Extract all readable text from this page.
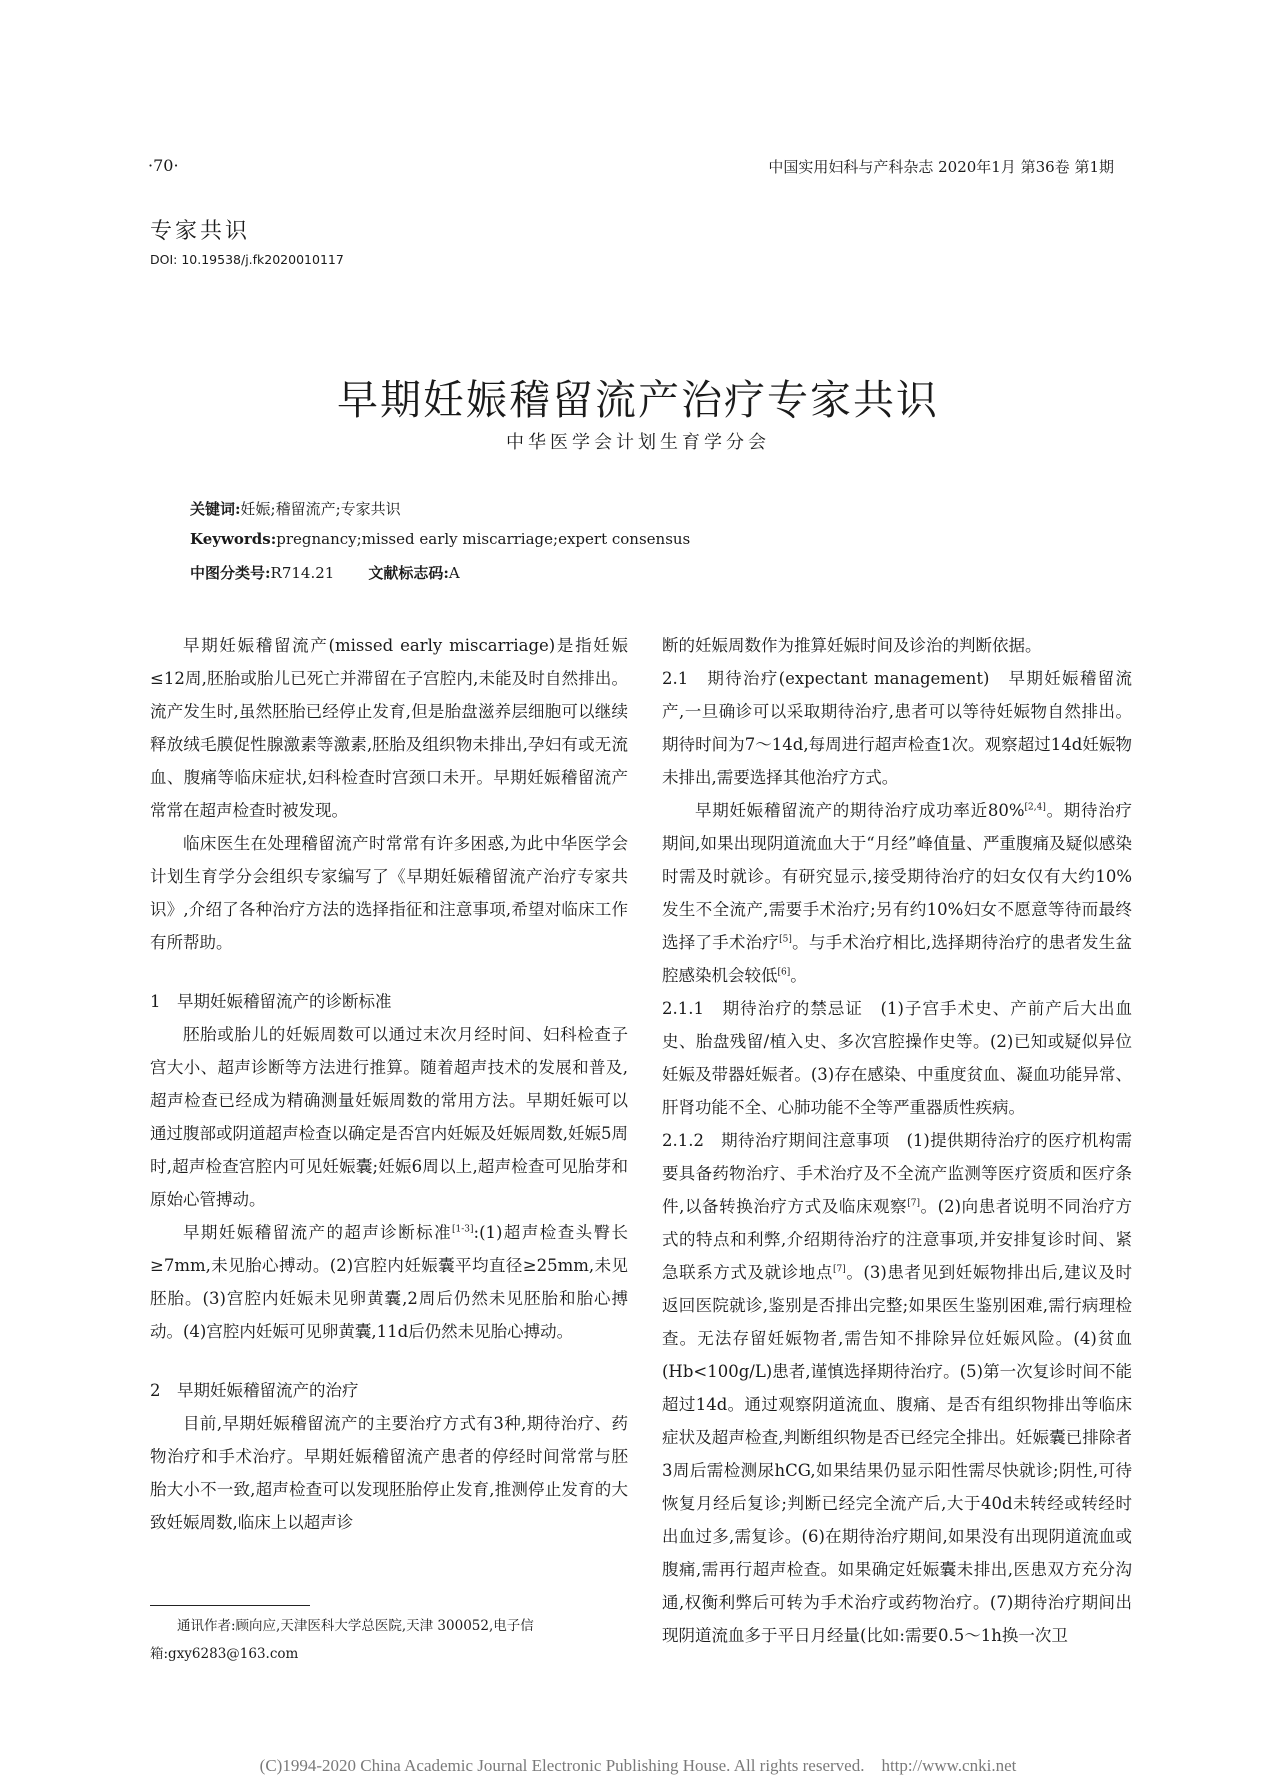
·70·	中国实用妇科与产科杂志 2020年1月 第36卷 第1期
专家共识
DOI: 10.19538/j.fk2020010117
早期妊娠稽留流产治疗专家共识
中华医学会计划生育学分会
关键词:妊娠;稽留流产;专家共识
Keywords:pregnancy;missed early miscarriage;expert consensus
中图分类号:R714.21 文献标志码:A

早期妊娠稽留流产(missed early miscarriage)是指妊娠≤12周,胚胎或胎儿已死亡并滞留在子宫腔内,未能及时自然排出。流产发生时,虽然胚胎已经停止发育,但是胎盘滋养层细胞可以继续释放绒毛膜促性腺激素等激素,胚胎及组织物未排出,孕妇有或无流血、腹痛等临床症状,妇科检查时宫颈口未开。早期妊娠稽留流产常常在超声检查时被发现。

临床医生在处理稽留流产时常常有许多困惑,为此中华医学会计划生育学分会组织专家编写了《早期妊娠稽留流产治疗专家共识》,介绍了各种治疗方法的选择指征和注意事项,希望对临床工作有所帮助。

1　早期妊娠稽留流产的诊断标准

胚胎或胎儿的妊娠周数可以通过末次月经时间、妇科检查子宫大小、超声诊断等方法进行推算。随着超声技术的发展和普及,超声检查已经成为精确测量妊娠周数的常用方法。早期妊娠可以通过腹部或阴道超声检查以确定是否宫内妊娠及妊娠周数,妊娠5周时,超声检查宫腔内可见妊娠囊;妊娠6周以上,超声检查可见胎芽和原始心管搏动。

早期妊娠稽留流产的超声诊断标准[1-3]:(1)超声检查头臀长≥7mm,未见胎心搏动。(2)宫腔内妊娠囊平均直径≥25mm,未见胚胎。(3)宫腔内妊娠未见卵黄囊,2周后仍然未见胚胎和胎心搏动。(4)宫腔内妊娠可见卵黄囊,11d后仍然未见胎心搏动。

2　早期妊娠稽留流产的治疗

目前,早期妊娠稽留流产的主要治疗方式有3种,期待治疗、药物治疗和手术治疗。早期妊娠稽留流产患者的停经时间常常与胚胎大小不一致,超声检查可以发现胚胎停止发育,推测停止发育的大致妊娠周数,临床上以超声诊

通讯作者:顾向应,天津医科大学总医院,天津 300052,电子信箱:gxy6283@163.com

断的妊娠周数作为推算妊娠时间及诊治的判断依据。

2.1　期待治疗(expectant management)　早期妊娠稽留流产,一旦确诊可以采取期待治疗,患者可以等待妊娠物自然排出。期待时间为7～14d,每周进行超声检查1次。观察超过14d妊娠物未排出,需要选择其他治疗方式。

早期妊娠稽留流产的期待治疗成功率近80%[2,4]。期待治疗期间,如果出现阴道流血大于“月经”峰值量、严重腹痛及疑似感染时需及时就诊。有研究显示,接受期待治疗的妇女仅有大约10%发生不全流产,需要手术治疗;另有约10%妇女不愿意等待而最终选择了手术治疗[5]。与手术治疗相比,选择期待治疗的患者发生盆腔感染机会较低[6]。

2.1.1　期待治疗的禁忌证　(1)子宫手术史、产前产后大出血史、胎盘残留/植入史、多次宫腔操作史等。(2)已知或疑似异位妊娠及带器妊娠者。(3)存在感染、中重度贫血、凝血功能异常、肝肾功能不全、心肺功能不全等严重器质性疾病。

2.1.2　期待治疗期间注意事项　(1)提供期待治疗的医疗机构需要具备药物治疗、手术治疗及不全流产监测等医疗资质和医疗条件,以备转换治疗方式及临床观察[7]。(2)向患者说明不同治疗方式的特点和利弊,介绍期待治疗的注意事项,并安排复诊时间、紧急联系方式及就诊地点[7]。(3)患者见到妊娠物排出后,建议及时返回医院就诊,鉴别是否排出完整;如果医生鉴别困难,需行病理检查。无法存留妊娠物者,需告知不排除异位妊娠风险。(4)贫血(Hb<100g/L)患者,谨慎选择期待治疗。(5)第一次复诊时间不能超过14d。通过观察阴道流血、腹痛、是否有组织物排出等临床症状及超声检查,判断组织物是否已经完全排出。妊娠囊已排除者3周后需检测尿hCG,如果结果仍显示阳性需尽快就诊;阴性,可待恢复月经后复诊;判断已经完全流产后,大于40d未转经或转经时出血过多,需复诊。(6)在期待治疗期间,如果没有出现阴道流血或腹痛,需再行超声检查。如果确定妊娠囊未排出,医患双方充分沟通,权衡利弊后可转为手术治疗或药物治疗。(7)期待治疗期间出现阴道流血多于平日月经量(比如:需要0.5～1h换一次卫

(C)1994-2020 China Academic Journal Electronic Publishing House. All rights reserved.　http://www.cnki.net
